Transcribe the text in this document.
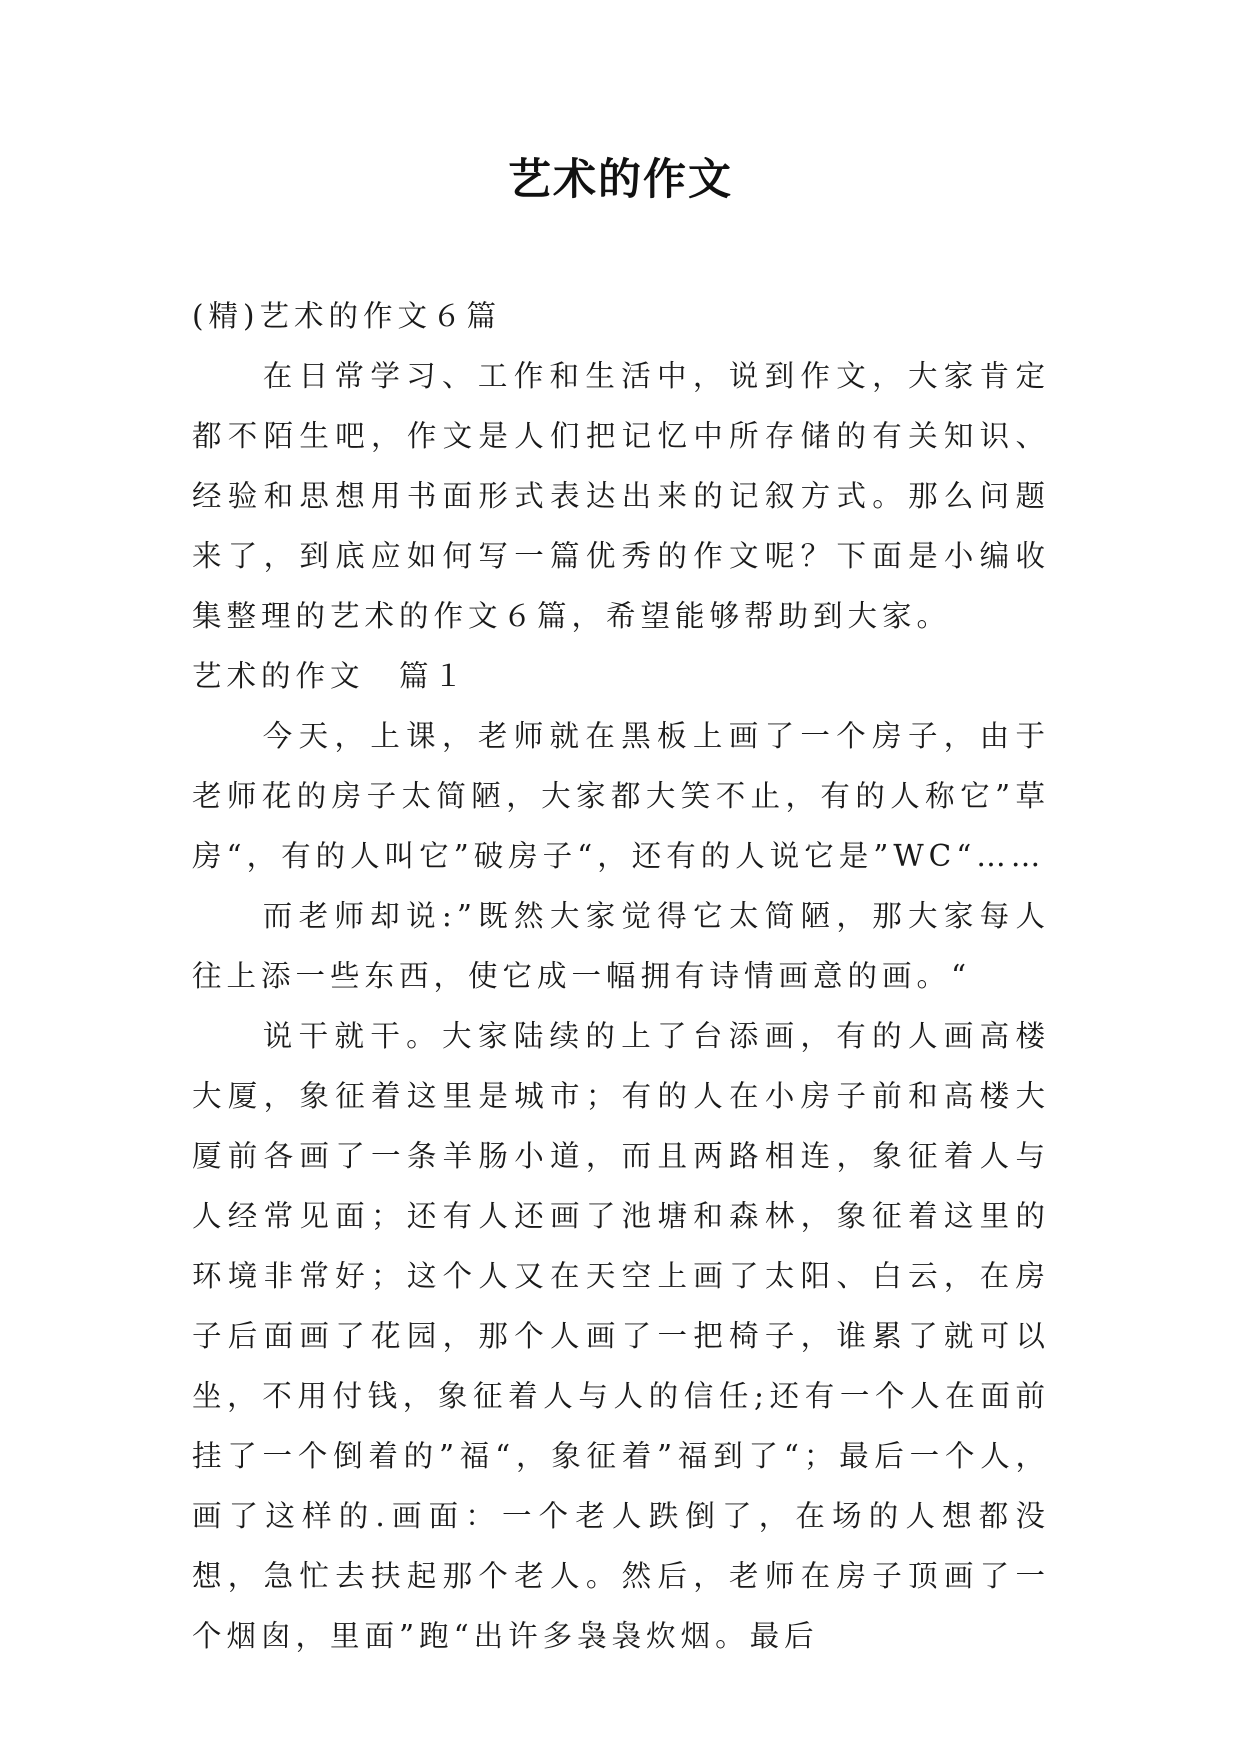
艺术的作文

(精)艺术的作文６篇

在日常学习、工作和生活中，说到作文，大家肯定都不陌生吧，作文是人们把记忆中所存储的有关知识、经验和思想用书面形式表达出来的记叙方式。那么问题来了，到底应如何写一篇优秀的作文呢？下面是小编收集整理的艺术的作文６篇，希望能够帮助到大家。

艺术的作文　篇１

今天，上课，老师就在黑板上画了一个房子，由于老师花的房子太简陋，大家都大笑不止，有的人称它”草房“，有的人叫它”破房子“，还有的人说它是”WC“……

而老师却说:”既然大家觉得它太简陋，那大家每人往上添一些东西，使它成一幅拥有诗情画意的画。“

说干就干。大家陆续的上了台添画，有的人画高楼大厦，象征着这里是城市；有的人在小房子前和高楼大厦前各画了一条羊肠小道，而且两路相连，象征着人与人经常见面；还有人还画了池塘和森林，象征着这里的环境非常好；这个人又在天空上画了太阳、白云，在房子后面画了花园，那个人画了一把椅子，谁累了就可以坐，不用付钱，象征着人与人的信任;还有一个人在面前挂了一个倒着的”福“，象征着”福到了“；最后一个人，画了这样的.画面：一个老人跌倒了，在场的人想都没想，急忙去扶起那个老人。然后，老师在房子顶画了一个烟囱，里面”跑“出许多袅袅炊烟。最后
